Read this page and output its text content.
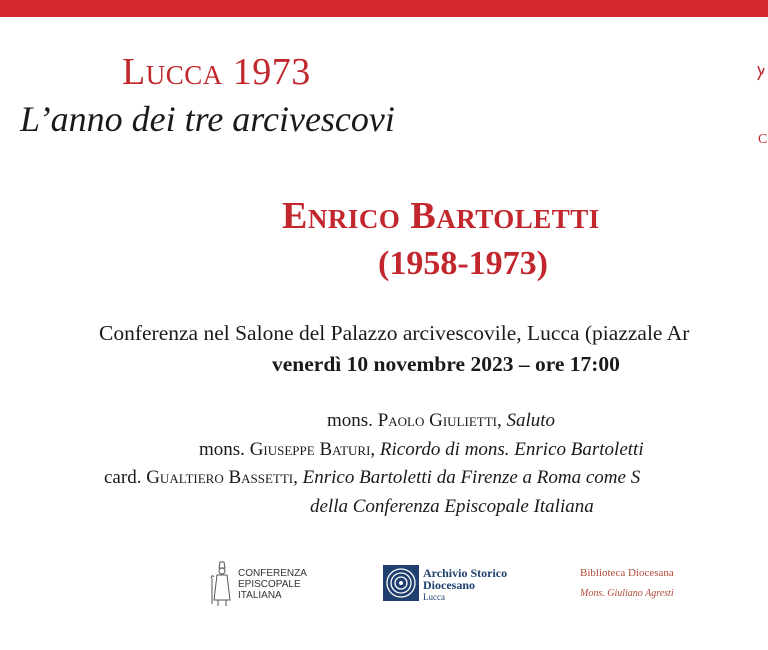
Lucca 1973
L’anno dei tre arcivescovi
C
Enrico Bartoletti
(1958-1973)
Conferenza nel Salone del Palazzo arcivescovile, Lucca (piazzale Ar
venerdì 10 novembre 2023 – ore 17:00
mons. Paolo Giulietti, Saluto
mons. Giuseppe Baturi, Ricordo di mons. Enrico Bartoletti
card. Gualtiero Bassetti, Enrico Bartoletti da Firenze a Roma come S
della Conferenza Episcopale Italiana
CONFERENZA
EPISCOPALE
ITALIANA
Archivio Storico
Diocesano
Lucca
Biblioteca Diocesana
Mons. Giuliano Agresti
